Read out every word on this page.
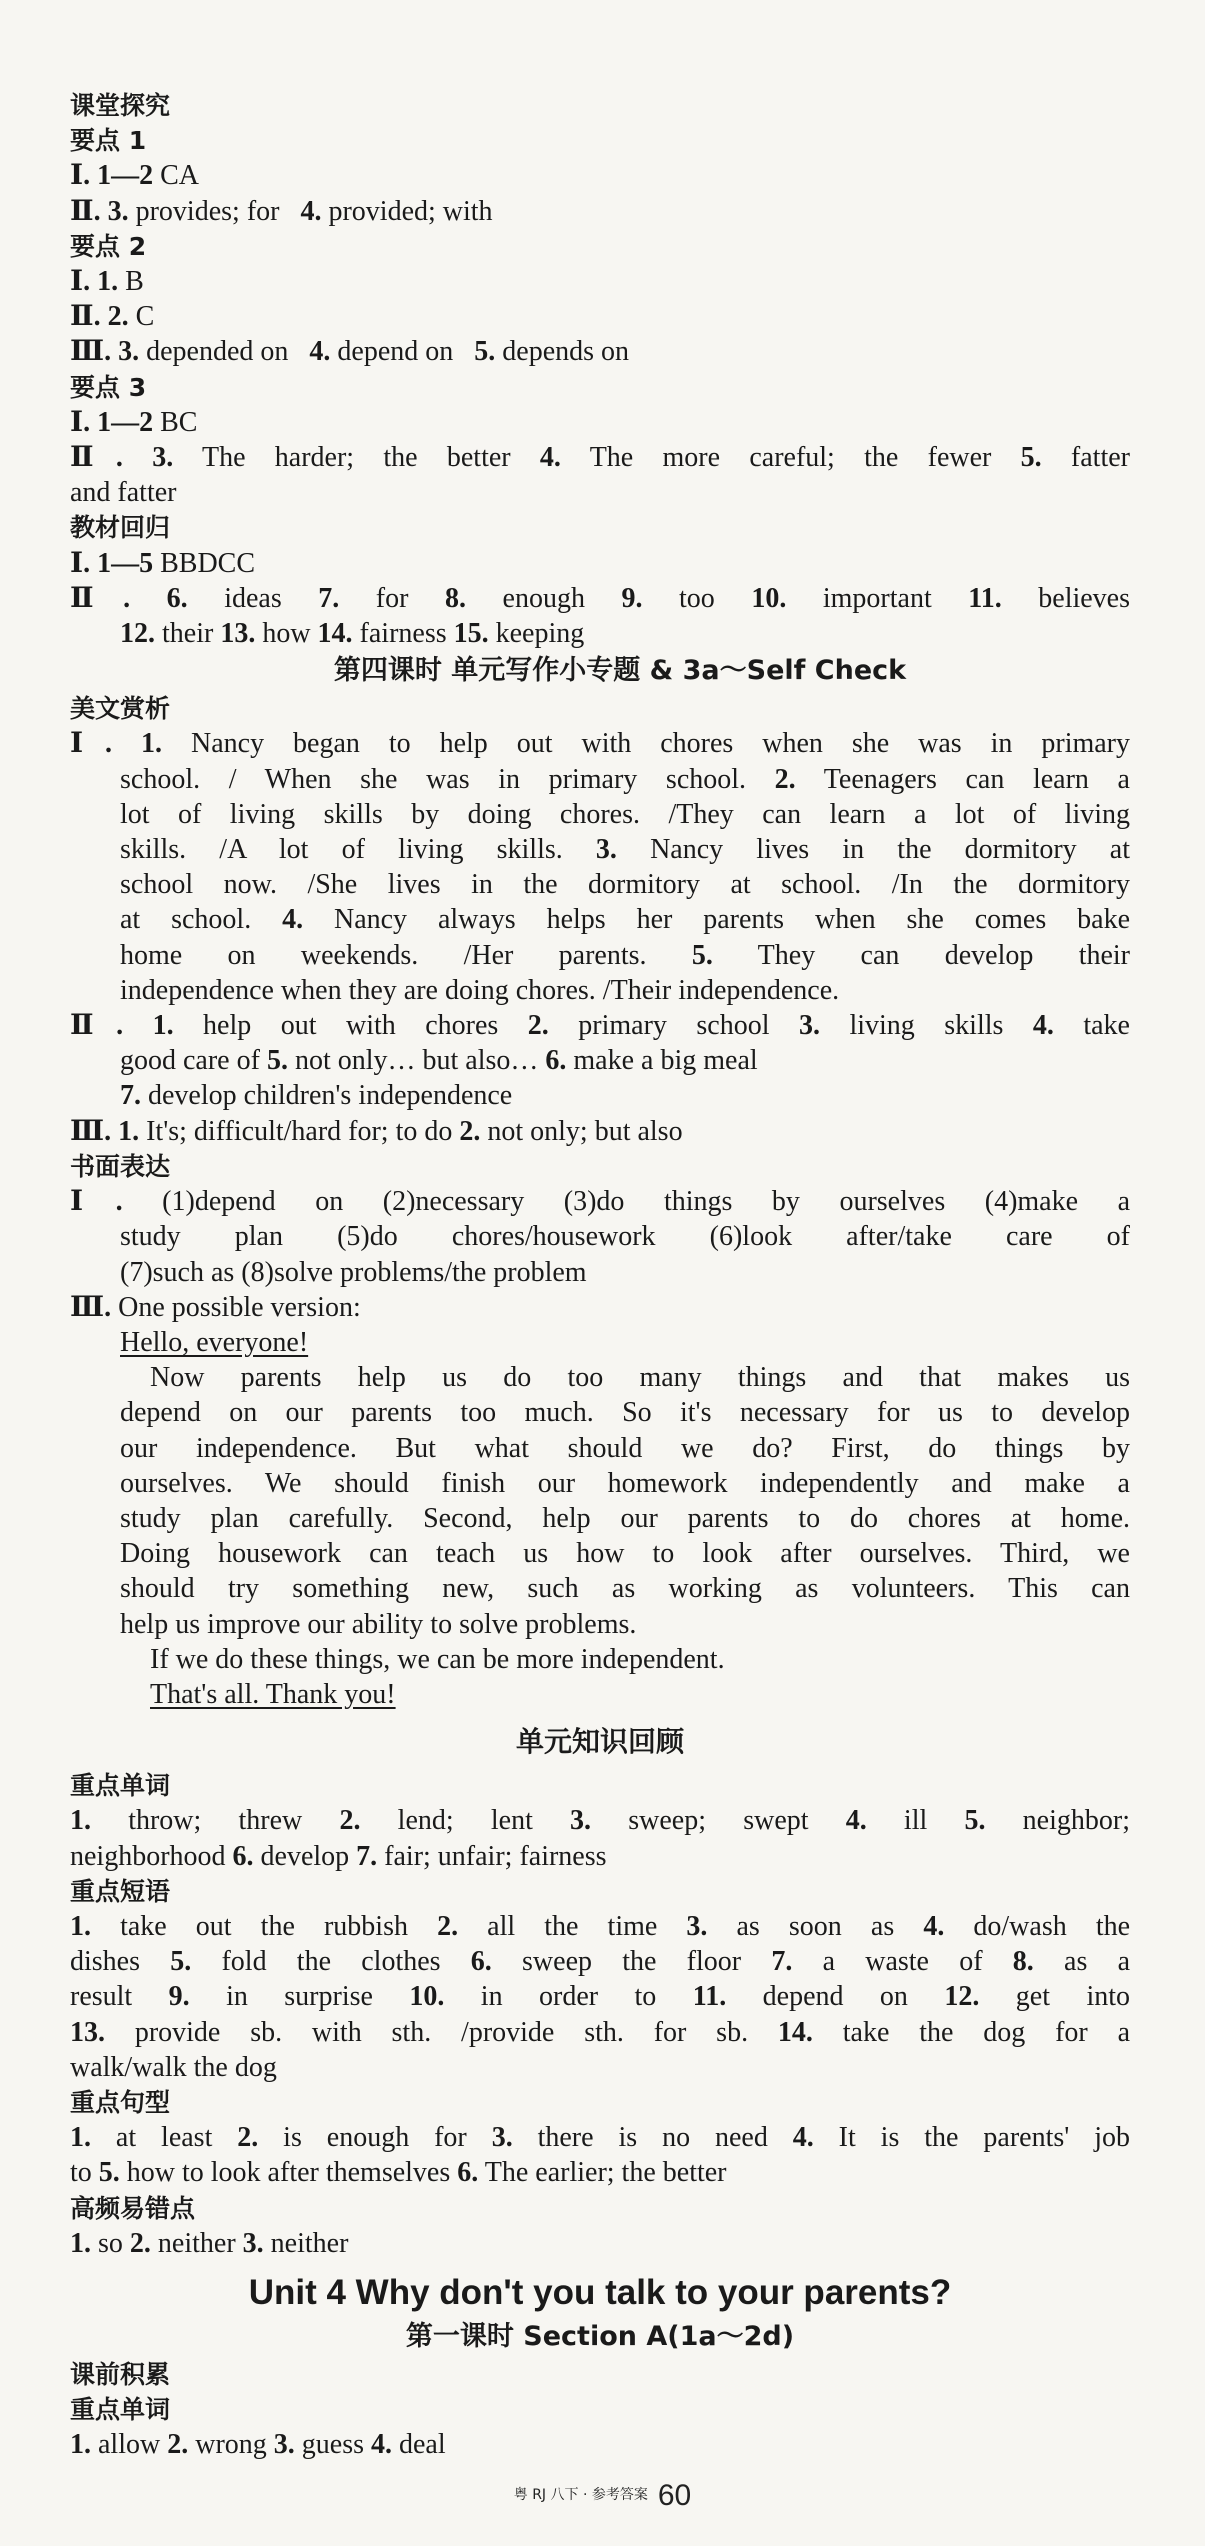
课堂探究
要点 1
Ⅰ. 1—2 CA
Ⅱ. 3. provides; for 4. provided; with
要点 2
Ⅰ. 1. B
Ⅱ. 2. C
Ⅲ. 3. depended on 4. depend on 5. depends on
要点 3
Ⅰ. 1—2 BC
Ⅱ. 3. The harder; the better 4. The more careful; the fewer 5. fatter
and fatter
教材回归
Ⅰ. 1—5 BBDCC
Ⅱ. 6. ideas 7. for 8. enough 9. too 10. important 11. believes
12. their 13. how 14. fairness 15. keeping
第四课时 单元写作小专题 & 3a～Self Check
美文赏析
Ⅰ. 1. Nancy began to help out with chores when she was in primary
school. / When she was in primary school. 2. Teenagers can learn a
lot of living skills by doing chores. /They can learn a lot of living
skills. /A lot of living skills. 3. Nancy lives in the dormitory at
school now. /She lives in the dormitory at school. /In the dormitory
at school. 4. Nancy always helps her parents when she comes bake
home on weekends. /Her parents. 5. They can develop their
independence when they are doing chores. /Their independence.
Ⅱ. 1. help out with chores 2. primary school 3. living skills 4. take
good care of 5. not only… but also… 6. make a big meal
7. develop children's independence
Ⅲ. 1. It's; difficult/hard for; to do 2. not only; but also
书面表达
Ⅰ. (1)depend on (2)necessary (3)do things by ourselves (4)make a
study plan (5)do chores/housework (6)look after/take care of
(7)such as (8)solve problems/the problem
Ⅲ. One possible version:
Hello, everyone!
Now parents help us do too many things and that makes us
depend on our parents too much. So it's necessary for us to develop
our independence. But what should we do? First, do things by
ourselves. We should finish our homework independently and make a
study plan carefully. Second, help our parents to do chores at home.
Doing housework can teach us how to look after ourselves. Third, we
should try something new, such as working as volunteers. This can
help us improve our ability to solve problems.
If we do these things, we can be more independent.
That's all. Thank you!
单元知识回顾
重点单词
1. throw; threw 2. lend; lent 3. sweep; swept 4. ill 5. neighbor;
neighborhood 6. develop 7. fair; unfair; fairness
重点短语
1. take out the rubbish 2. all the time 3. as soon as 4. do/wash the
dishes 5. fold the clothes 6. sweep the floor 7. a waste of 8. as a
result 9. in surprise 10. in order to 11. depend on 12. get into
13. provide sb. with sth. /provide sth. for sb. 14. take the dog for a
walk/walk the dog
重点句型
1. at least 2. is enough for 3. there is no need 4. It is the parents' job
to 5. how to look after themselves 6. The earlier; the better
高频易错点
1. so 2. neither 3. neither
Unit 4 Why don't you talk to your parents?
第一课时 Section A(1a～2d)
课前积累
重点单词
1. allow 2. wrong 3. guess 4. deal
粤 RJ 八下 · 参考答案 60
